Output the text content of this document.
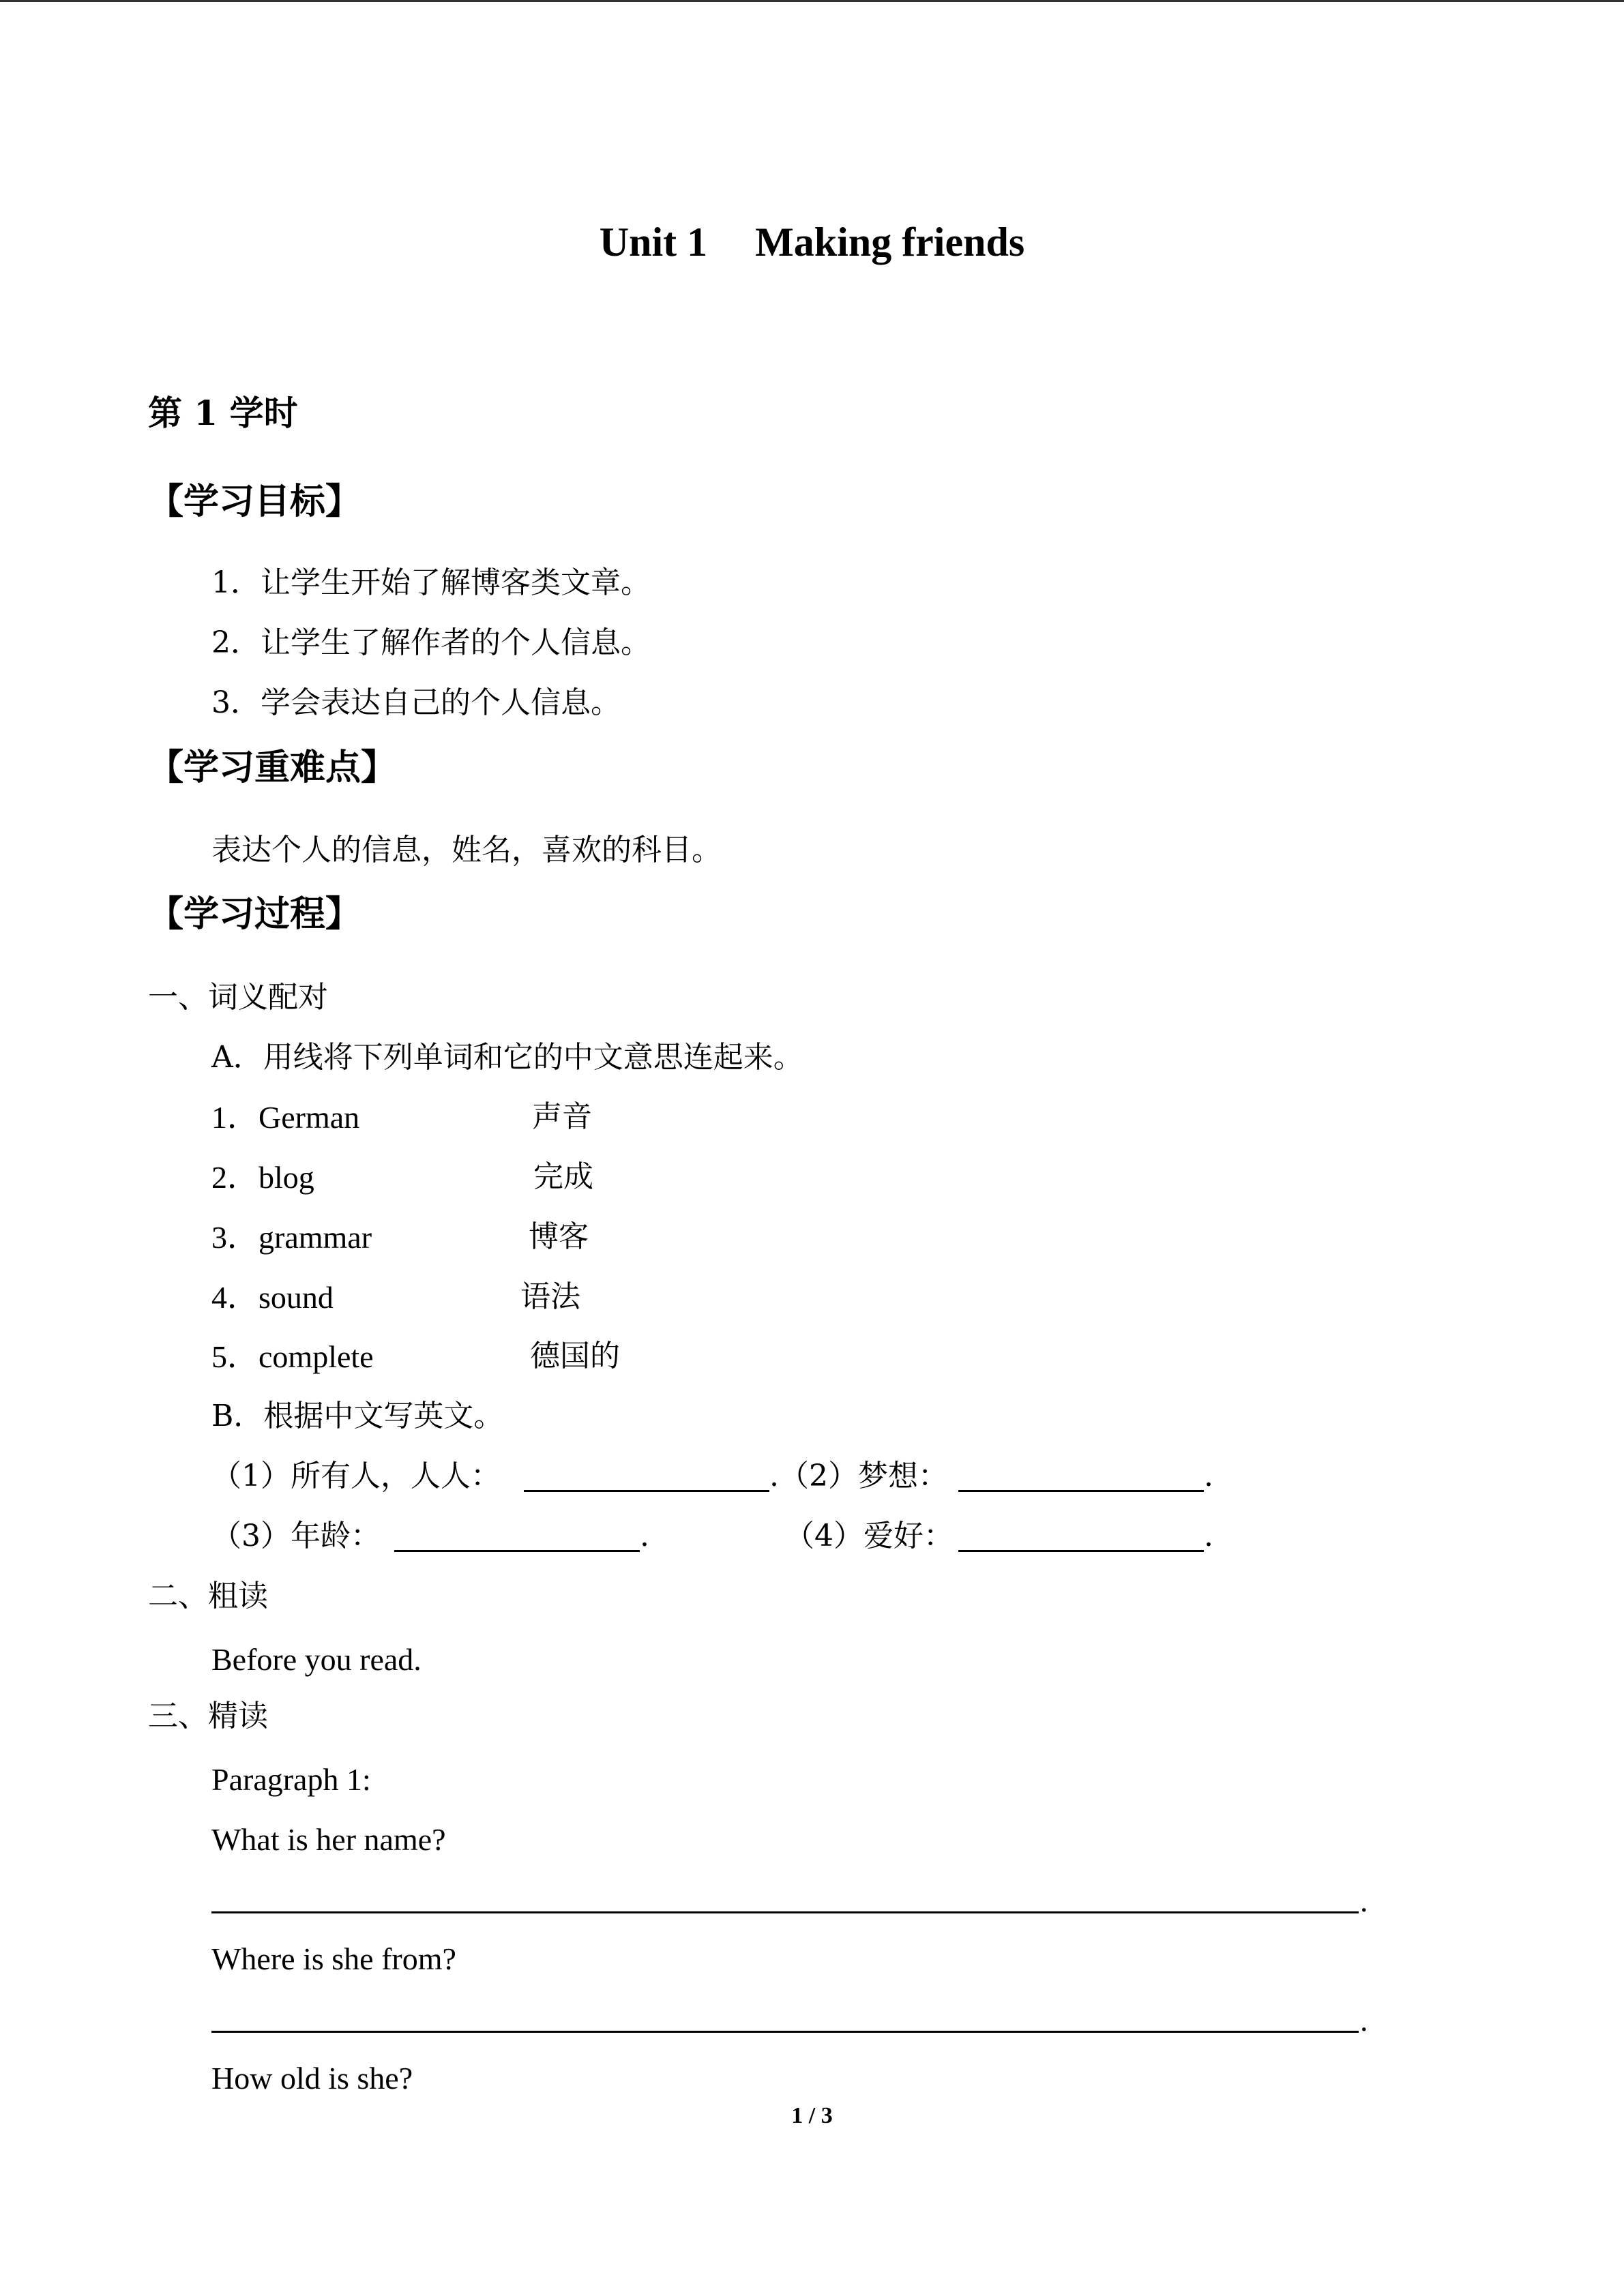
Unit 1 Making friends
第 1 学时
【学习目标】
1．让学生开始了解博客类文章。
2．让学生了解作者的个人信息。
3．学会表达自己的个人信息。
【学习重难点】
表达个人的信息，姓名，喜欢的科目。
【学习过程】
一、词义配对
A．用线将下列单词和它的中文意思连起来。
1．German	声音
2．blog	完成
3．grammar	博客
4．sound	语法
5．complete	德国的
B．根据中文写英文。
（1）所有人，人人：	.（2）梦想：	.
（3）年龄：	.	（4）爱好：	.
二、粗读
Before you read.
三、精读
Paragraph 1:
What is her name?
.
Where is she from?
.
How old is she?
1 / 3
